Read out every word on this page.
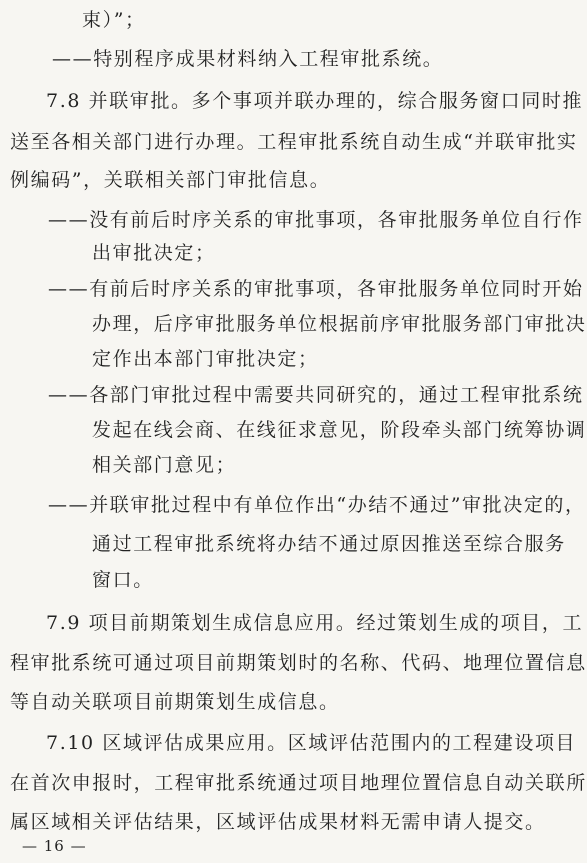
束）”；
——特别程序成果材料纳入工程审批系统。
7.8 并联审批。多个事项并联办理的，综合服务窗口同时推
送至各相关部门进行办理。工程审批系统自动生成“并联审批实
例编码”，关联相关部门审批信息。
——没有前后时序关系的审批事项，各审批服务单位自行作
出审批决定；
——有前后时序关系的审批事项，各审批服务单位同时开始
办理，后序审批服务单位根据前序审批服务部门审批决
定作出本部门审批决定；
——各部门审批过程中需要共同研究的，通过工程审批系统
发起在线会商、在线征求意见，阶段牵头部门统筹协调
相关部门意见；
——并联审批过程中有单位作出“办结不通过”审批决定的，
通过工程审批系统将办结不通过原因推送至综合服务
窗口。
7.9 项目前期策划生成信息应用。经过策划生成的项目，工
程审批系统可通过项目前期策划时的名称、代码、地理位置信息
等自动关联项目前期策划生成信息。
7.10 区域评估成果应用。区域评估范围内的工程建设项目
在首次申报时，工程审批系统通过项目地理位置信息自动关联所
属区域相关评估结果，区域评估成果材料无需申请人提交。
— 16 —
